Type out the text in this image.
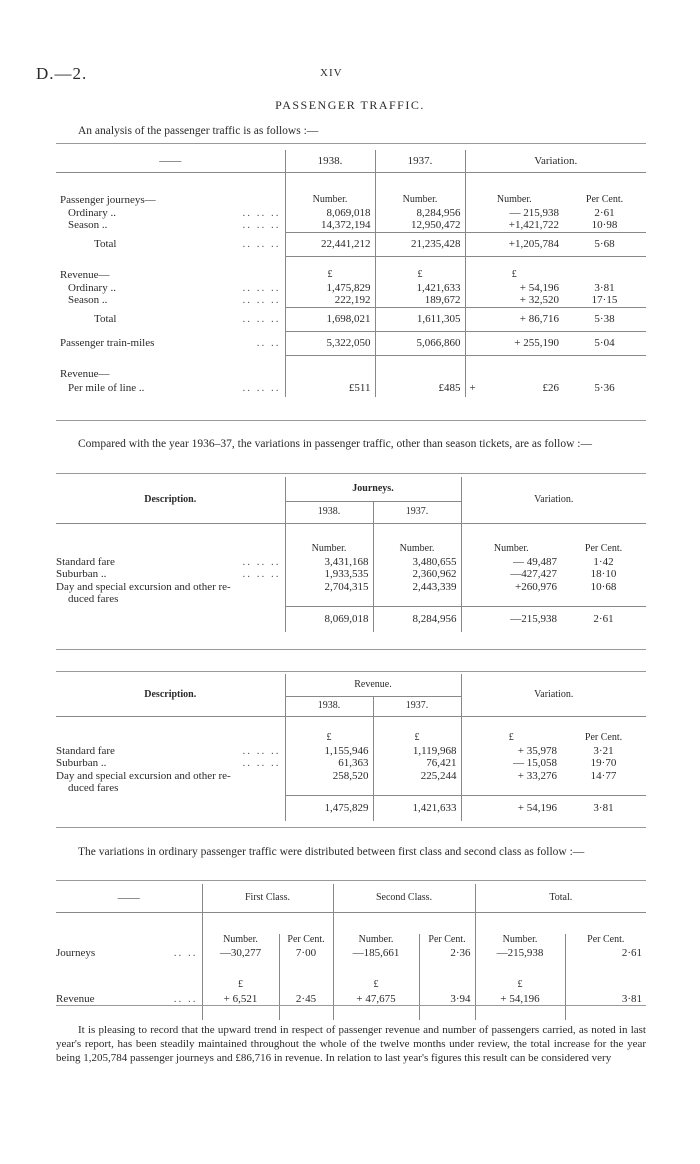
D.—2.	XIV
PASSENGER TRAFFIC.
An analysis of the passenger traffic is as follows :—
——	1938.	1937.	Variation.	

Passenger journeys—	Number.	Number.	Number.	Per Cent.
Ordinary .. .. .. ..	8,069,018	8,284,956	— 215,938	2·61
Season .. .. .. ..	14,372,194	12,950,472	+1,421,722	10·98
Total .. .. ..	22,441,212	21,235,428	+1,205,784	5·68

Revenue—	£	£	£	
Ordinary .. .. .. ..	1,475,829	1,421,633	+ 54,196	3·81
Season .. .. .. ..	222,192	189,672	+ 32,520	17·15
Total .. .. ..	1,698,021	1,611,305	+ 86,716	5·38
Passenger train-miles .. ..	5,322,050	5,066,860	+ 255,190	5·04

Revenue—				
Per mile of line .. .. .. ..	£511	£485	+ £26	5·36
Compared with the year 1936–37, the variations in passenger traffic, other than season tickets, are as follow :—
Description.	Journeys.		Variation.	
	1938.	1937.		

	Number.	Number.	Number.	Per Cent.
Standard fare .. .. ..	3,431,168	3,480,655	— 49,487	1·42
Suburban .. .. .. ..	1,933,535	2,360,962	—427,427	18·10
Day and special excursion and other re-	2,704,315	2,443,339	+260,976	10·68
duced fares				
	8,069,018	8,284,956	—215,938	2·61
Description.	Revenue.		Variation.	
	1938.	1937.		

	£	£	£	Per Cent.
Standard fare .. .. ..	1,155,946	1,119,968	+ 35,978	3·21
Suburban .. .. .. ..	61,363	76,421	— 15,058	19·70
Day and special excursion and other re-	258,520	225,244	+ 33,276	14·77
duced fares				
	1,475,829	1,421,633	+ 54,196	3·81
The variations in ordinary passenger traffic were distributed between first class and second class as follow :—
——	First Class.		Second Class.		Total.	

	Number.	Per Cent.	Number.	Per Cent.	Number.	Per Cent.
Journeys .. ..	—30,277	7·00	—185,661	2·36	—215,938	2·61

	£		£		£	
Revenue .. ..	+ 6,521	2·45	+ 47,675	3·94	+ 54,196	3·81

It is pleasing to record that the upward trend in respect of passenger revenue and number of passengers carried, as noted in last year's report, has been steadily maintained throughout the whole of the twelve months under review, the total increase for the year being 1,205,784 passenger journeys and £86,716 in revenue. In relation to last year's figures this result can be considered very
